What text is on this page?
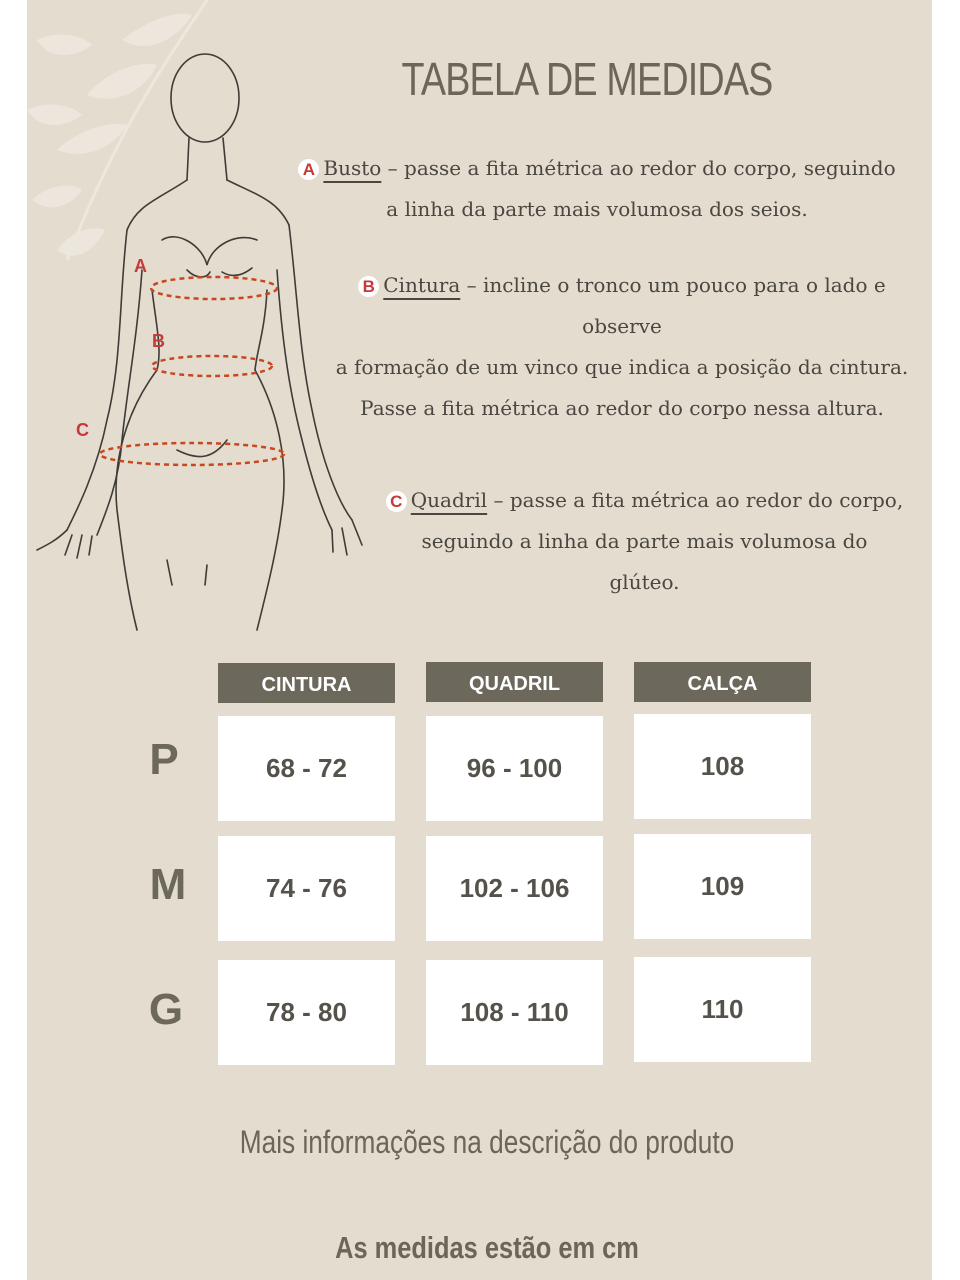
A
B
C
TABELA DE MEDIDAS
A Busto – passe a fita métrica ao redor do corpo, seguindo
a linha da parte mais volumosa dos seios.
B Cintura – incline o tronco um pouco para o lado e
observe
a formação de um vinco que indica a posição da cintura.
Passe a fita métrica ao redor do corpo nessa altura.
C Quadril – passe a fita métrica ao redor do corpo,
seguindo a linha da parte mais volumosa do
glúteo.
CINTURA	QUADRIL	CALÇA
P	68 - 72	96 - 100	108
M	74 - 76	102 - 106	109
G	78 - 80	108 - 110	110
Mais informações na descrição do produto
As medidas estão em cm
